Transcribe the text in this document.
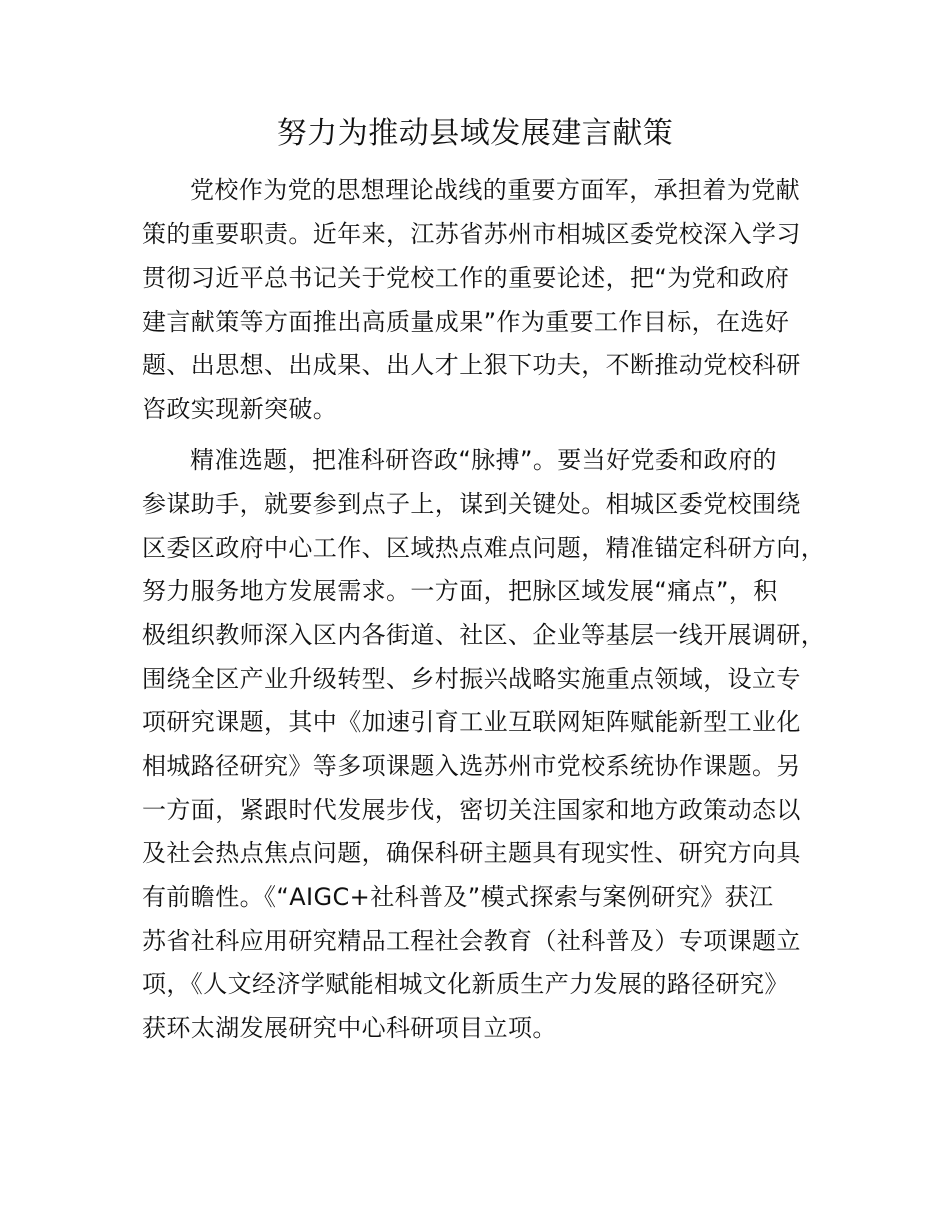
努力为推动县域发展建言献策

党校作为党的思想理论战线的重要方面军，承担着为党献

策的重要职责。近年来，江苏省苏州市相城区委党校深入学习

贯彻习近平总书记关于党校工作的重要论述，把“为党和政府

建言献策等方面推出高质量成果”作为重要工作目标，在选好

题、出思想、出成果、出人才上狠下功夫，不断推动党校科研

咨政实现新突破。

精准选题，把准科研咨政“脉搏”。要当好党委和政府的

参谋助手，就要参到点子上，谋到关键处。相城区委党校围绕

区委区政府中心工作、区域热点难点问题，精准锚定科研方向，

努力服务地方发展需求。一方面，把脉区域发展“痛点”，积

极组织教师深入区内各街道、社区、企业等基层一线开展调研，

围绕全区产业升级转型、乡村振兴战略实施重点领域，设立专

项研究课题，其中《加速引育工业互联网矩阵赋能新型工业化

相城路径研究》等多项课题入选苏州市党校系统协作课题。另

一方面，紧跟时代发展步伐，密切关注国家和地方政策动态以

及社会热点焦点问题，确保科研主题具有现实性、研究方向具

有前瞻性。《“AIGC+社科普及”模式探索与案例研究》获江

苏省社科应用研究精品工程社会教育（社科普及）专项课题立

项，《人文经济学赋能相城文化新质生产力发展的路径研究》

获环太湖发展研究中心科研项目立项。
